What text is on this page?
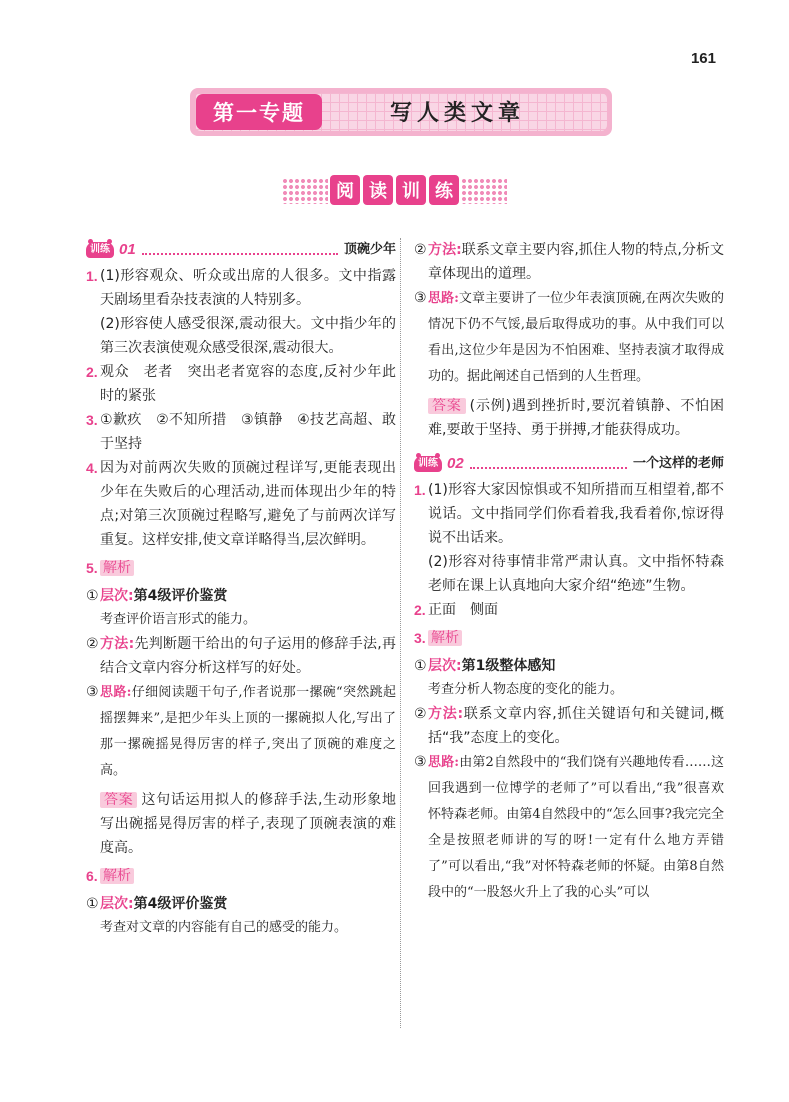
161
第一专题	写人类文章
阅 读 训 练
训练 01	顶碗少年
1. (1)形容观众、听众或出席的人很多。文中指露天剧场里看杂技表演的人特别多。
(2)形容使人感受很深,震动很大。文中指少年的第三次表演使观众感受很深,震动很大。
2. 观众　老者　突出老者宽容的态度,反衬少年此时的紧张
3. ①歉疚　②不知所措　③镇静　④技艺高超、敢于坚持
4. 因为对前两次失败的顶碗过程详写,更能表现出少年在失败后的心理活动,进而体现出少年的特点;对第三次顶碗过程略写,避免了与前两次详写重复。这样安排,使文章详略得当,层次鲜明。
5. 解析
① 层次:第4级评价鉴赏
考查评价语言形式的能力。
② 方法:先判断题干给出的句子运用的修辞手法,再结合文章内容分析这样写的好处。
③ 思路:仔细阅读题干句子,作者说那一摞碗“突然跳起摇摆舞来”,是把少年头上顶的一摞碗拟人化,写出了那一摞碗摇晃得厉害的样子,突出了顶碗的难度之高。
答案 这句话运用拟人的修辞手法,生动形象地写出碗摇晃得厉害的样子,表现了顶碗表演的难度高。
6. 解析
① 层次:第4级评价鉴赏
考查对文章的内容能有自己的感受的能力。
② 方法:联系文章主要内容,抓住人物的特点,分析文章体现出的道理。
③ 思路:文章主要讲了一位少年表演顶碗,在两次失败的情况下仍不气馁,最后取得成功的事。从中我们可以看出,这位少年是因为不怕困难、坚持表演才取得成功的。据此阐述自己悟到的人生哲理。
答案 (示例)遇到挫折时,要沉着镇静、不怕困难,要敢于坚持、勇于拼搏,才能获得成功。
训练 02	一个这样的老师
1. (1)形容大家因惊惧或不知所措而互相望着,都不说话。文中指同学们你看着我,我看着你,惊讶得说不出话来。
(2)形容对待事情非常严肃认真。文中指怀特森老师在课上认真地向大家介绍“绝迹”生物。
2. 正面　侧面
3. 解析
① 层次:第1级整体感知
考查分析人物态度的变化的能力。
② 方法:联系文章内容,抓住关键语句和关键词,概括“我”态度上的变化。
③ 思路:由第2自然段中的“我们饶有兴趣地传看……这回我遇到一位博学的老师了”可以看出,“我”很喜欢怀特森老师。由第4自然段中的“怎么回事?我完完全全是按照老师讲的写的呀!一定有什么地方弄错了”可以看出,“我”对怀特森老师的怀疑。由第8自然段中的“一股怒火升上了我的心头”可以
